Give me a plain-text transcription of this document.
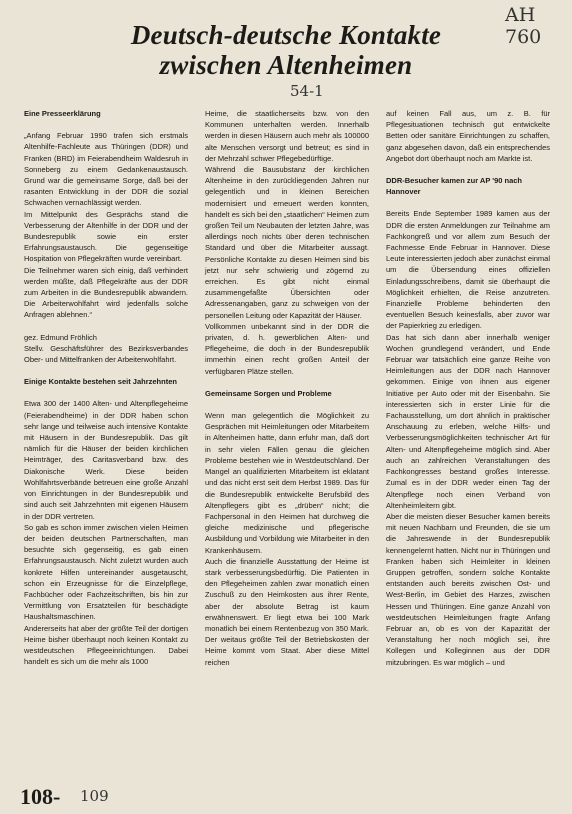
AH 760
Deutsch-deutsche Kontakte
zwischen Altenheimen
54-1
Eine Presseerklärung
„Anfang Februar 1990 trafen sich erstmals Altenhilfe-Fachleute aus Thüringen (DDR) und Franken (BRD) im Feierabendheim Waldesruh in Sonneberg zu einem Gedankenaustausch. Grund war die gemeinsame Sorge, daß bei der rasanten Entwicklung in der DDR die sozial Schwachen vernachlässigt werden.
Im Mittelpunkt des Gesprächs stand die Verbesserung der Altenhilfe in der DDR und der Bundesrepublik sowie ein erster Erfahrungsaustausch. Die gegenseitige Hospitation von Pflegekräften wurde vereinbart.
Die Teilnehmer waren sich einig, daß verhindert werden müßte, daß Pflegekräfte aus der DDR zum Arbeiten in die Bundesrepublik abwandern. Die Arbeiterwohlfahrt wird jedenfalls solche Anfragen ablehnen.“
gez. Edmund Fröhlich
Stellv. Geschäftsführer des Bezirksverbandes Ober- und Mittelfranken der Arbeiterwohlfahrt.
Einige Kontakte bestehen seit Jahrzehnten
Etwa 300 der 1400 Alten- und Altenpflegeheime (Feierabendheime) in der DDR haben schon sehr lange und teilweise auch intensive Kontakte mit Häusern in der Bundesrepublik. Das gilt nämlich für die Häuser der beiden kirchlichen Heimträger, des Caritasverband bzw. des Diakonische Werk. Diese beiden Wohlfahrtsverbände betreuen eine große Anzahl von Einrichtungen in der Bundesrepublik und sind auch seit Jahrzehnten mit eigenen Häusern in der DDR vertreten.
So gab es schon immer zwischen vielen Heimen der beiden deutschen Partnerschaften, man besuchte sich gegenseitig, es gab einen Erfahrungsaustausch. Nicht zuletzt wurden auch konkrete Hilfen untereinander ausgetauscht, schon ein Erzeugnisse für die Einzelpflege, Fachbücher oder Fachzeitschriften, bis hin zur Vermittlung von Ersatzteilen für beschädigte Haushaltsmaschinen.
Andererseits hat aber der größte Teil der dortigen Heime bisher überhaupt noch keinen Kontakt zu westdeutschen Pflegeeinrichtungen. Dabei handelt es sich um die mehr als 1000
Heime, die staatlicherseits bzw. von den Kommunen unterhalten werden. Innerhalb werden in diesen Häusern auch mehr als 100000 alte Menschen versorgt und betreut; es sind in der Mehrzahl schwer Pflegebedürftige.
Während die Bausubstanz der kirchlichen Altenheime in den zurückliegenden Jahren nur gelegentlich und in kleinen Bereichen modernisiert und erneuert werden konnten, handelt es sich bei den „staatlichen“ Heimen zum großen Teil um Neubauten der letzten Jahre, was allerdings noch nichts über deren technischen Standard und über die Mitarbeiter aussagt. Persönliche Kontakte zu diesen Heimen sind bis jetzt nur sehr schwierig und zögernd zu erreichen. Es gibt nicht einmal zusammengefaßte Übersichten oder Adressenangaben, ganz zu schweigen von der personellen Leitung oder Kapazität der Häuser.
Vollkommen unbekannt sind in der DDR die privaten, d. h. gewerblichen Alten- und Pflegeheime, die doch in der Bundesrepublik immerhin einen recht großen Anteil der verfügbaren Plätze stellen.
Gemeinsame Sorgen und Probleme
Wenn man gelegentlich die Möglichkeit zu Gesprächen mit Heimleitungen oder Mitarbeitern in Altenheimen hatte, dann erfuhr man, daß dort in sehr vielen Fällen genau die gleichen Probleme bestehen wie in Westdeutschland. Der Mangel an qualifizierten Mitarbeitern ist eklatant und das nicht erst seit dem Herbst 1989. Das für die Bundesrepublik entwickelte Berufsbild des Altenpflegers gibt es „drüben“ nicht; die Fachpersonal in den Heimen hat durchweg die gleiche medizinische und pflegerische Ausbildung und Vorbildung wie Mitarbeiter in den Krankenhäusern.
Auch die finanzielle Ausstattung der Heime ist stark verbesserungsbedürftig. Die Patienten in den Pflegeheimen zahlen zwar monatlich einen Zuschuß zu den Heimkosten aus ihrer Rente, aber der absolute Betrag ist kaum erwähnenswert. Er liegt etwa bei 100 Mark monatlich bei einem Rentenbezug von 350 Mark. Der weitaus größte Teil der Betriebskosten der Heime kommt vom Staat. Aber diese Mittel reichen
auf keinen Fall aus, um z. B. für Pflegesituationen technisch gut entwickelte Betten oder sanitäre Einrichtungen zu schaffen, ganz abgesehen davon, daß ein entsprechendes Angebot dort überhaupt noch am Markte ist.
DDR-Besucher kamen zur AP '90 nach Hannover
Bereits Ende September 1989 kamen aus der DDR die ersten Anmeldungen zur Teilnahme am Fachkongreß und vor allem zum Besuch der Fachmesse Ende Februar in Hannover. Diese Leute interessierten jedoch aber zunächst einmal um die Übersendung eines offiziellen Einladungsschreibens, damit sie überhaupt die Möglichkeit erhielten, die Reise anzutreten. Finanzielle Probleme behinderten den eventuellen Besuch keinesfalls, aber zuvor war der Papierkrieg zu erledigen.
Das hat sich dann aber innerhalb weniger Wochen grundlegend verändert, und Ende Februar war tatsächlich eine ganze Reihe von Heimleitungen aus der DDR nach Hannover gekommen. Einige von ihnen aus eigener Initiative per Auto oder mit der Eisenbahn. Sie interessierten sich in erster Linie für die Fachausstellung, um dort ähnlich in praktischer Anschauung zu erleben, welche Hilfs- und Verbesserungsmöglichkeiten technischer Art für Alten- und Altenpflegeheime möglich sind. Aber auch an zahlreichen Veranstaltungen des Fachkongresses bestand großes Interesse. Zumal es in der DDR weder einen Tag der Altenpflege noch einen Verband von Altenheimleitern gibt.
Aber die meisten dieser Besucher kamen bereits mit neuen Nachbarn und Freunden, die sie um die Jahreswende in der Bundesrepublik kennengelernt hatten. Nicht nur in Thüringen und Franken haben sich Heimleiter in kleinen Gruppen getroffen, sondern solche Kontakte entstanden auch bereits zwischen Ost- und West-Berlin, im Gebiet des Harzes, zwischen Hessen und Thüringen. Eine ganze Anzahl von westdeutschen Heimleitungen fragte Anfang Februar an, ob es von der Kapazität der Veranstaltung her noch möglich sei, ihre Kollegen und Kolleginnen aus der DDR mitzubringen. Es war möglich – und
108- 109
